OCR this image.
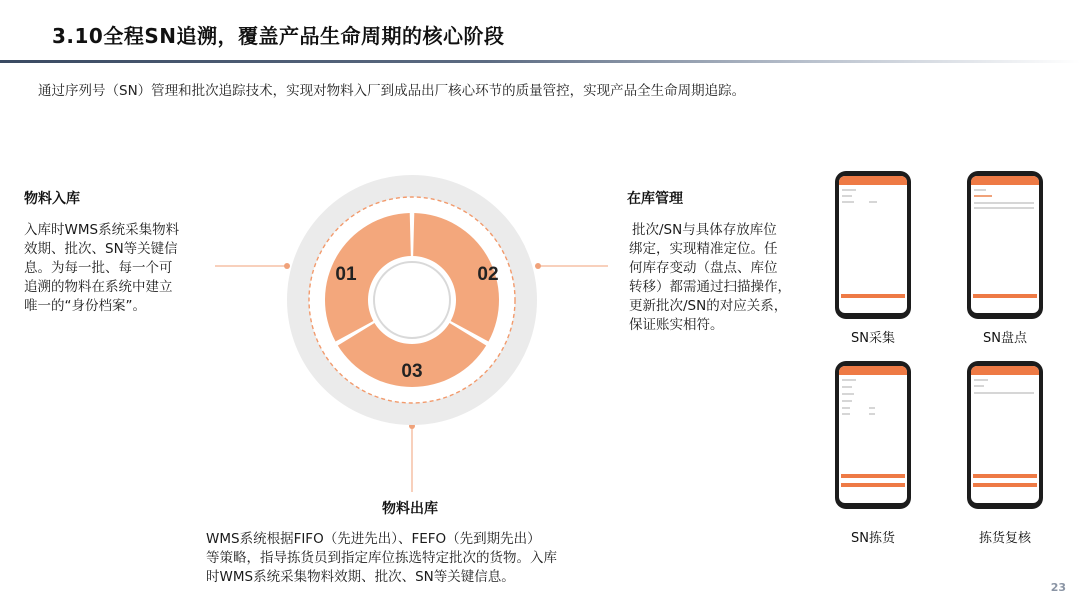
3.10全程SN追溯，覆盖产品生命周期的核心阶段
通过序列号（SN）管理和批次追踪技术，实现对物料入厂到成品出厂核心环节的质量管控，实现产品全生命周期追踪。
01	02
03
物料入库
入库时WMS系统采集物料
效期、批次、SN等关键信
息。为每一批、每一个可
追溯的物料在系统中建立
唯一的“身份档案”。
在库管理
批次/SN与具体存放库位
绑定，实现精准定位。任
何库存变动（盘点、库位
转移）都需通过扫描操作，
更新批次/SN的对应关系，
保证账实相符。
物料出库
WMS系统根据FIFO（先进先出）、FEFO（先到期先出）
等策略，指导拣货员到指定库位拣选特定批次的货物。入库
时WMS系统采集物料效期、批次、SN等关键信息。
SN采集	SN盘点
SN拣货	拣货复核
23
